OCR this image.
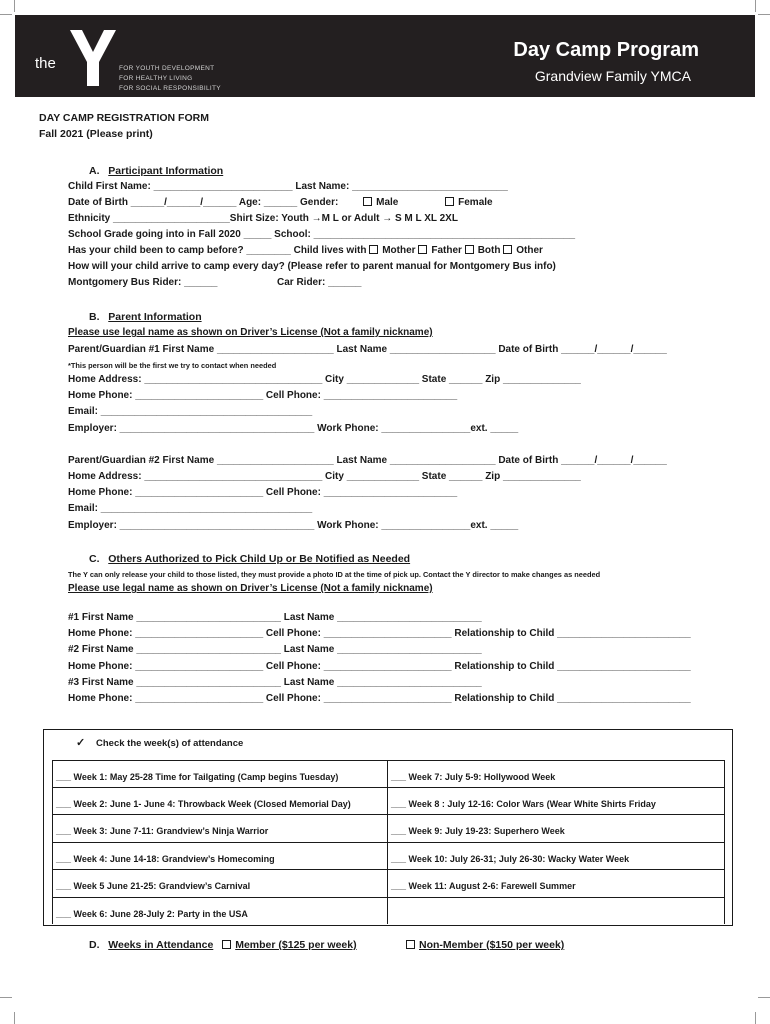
the	FOR YOUTH DEVELOPMENT
FOR HEALTHY LIVING
FOR SOCIAL RESPONSIBILITY
Day Camp Program
Grandview Family YMCA
DAY CAMP REGISTRATION FORM
Fall 2021 (Please print)
A. Participant Information
Child First Name: _________________________ Last Name: ____________________________
Date of Birth ______/______/______ Age: ______ Gender:	Male	Female
Ethnicity _____________________Shirt Size: Youth →M L or Adult → S M L XL 2XL
School Grade going into in Fall 2020 _____ School: _______________________________________________
Has your child been to camp before? ________ Child lives with Mother Father Both Other
How will your child arrive to camp every day? (Please refer to parent manual for Montgomery Bus info)
Montgomery Bus Rider: ______	Car Rider: ______
B. Parent Information
Please use legal name as shown on Driver’s License (Not a family nickname)
Parent/Guardian #1 First Name _____________________ Last Name ___________________ Date of Birth ______/______/______
*This person will be the first we try to contact when needed
Home Address: ________________________________ City _____________ State ______ Zip ______________
Home Phone: _______________________ Cell Phone: ________________________
Email: ______________________________________
Employer: ___________________________________ Work Phone: ________________ext. _____
Parent/Guardian #2 First Name _____________________ Last Name ___________________ Date of Birth ______/______/______
Home Address: ________________________________ City _____________ State ______ Zip ______________
Home Phone: _______________________ Cell Phone: ________________________
Email: ______________________________________
Employer: ___________________________________ Work Phone: ________________ext. _____
C. Others Authorized to Pick Child Up or Be Notified as Needed
The Y can only release your child to those listed, they must provide a photo ID at the time of pick up. Contact the Y director to make changes as needed
Please use legal name as shown on Driver’s License (Not a family nickname)
#1 First Name __________________________ Last Name __________________________
Home Phone: _______________________ Cell Phone: _______________________ Relationship to Child ________________________
#2 First Name __________________________ Last Name __________________________
Home Phone: _______________________ Cell Phone: _______________________ Relationship to Child ________________________
#3 First Name __________________________ Last Name __________________________
Home Phone: _______________________ Cell Phone: _______________________ Relationship to Child ________________________
✓ Check the week(s) of attendance
___ Week 1: May 25-28 Time for Tailgating (Camp begins Tuesday)
___ Week 2: June 1- June 4: Throwback Week (Closed Memorial Day)
___ Week 3: June 7-11: Grandview’s Ninja Warrior
___ Week 4: June 14-18: Grandview’s Homecoming
___ Week 5 June 21-25: Grandview’s Carnival
___ Week 6: June 28-July 2: Party in the USA
___ Week 7: July 5-9: Hollywood Week
___ Week 8 : July 12-16: Color Wars (Wear White Shirts Friday
___ Week 9: July 19-23: Superhero Week
___ Week 10: July 26-31; July 26-30: Wacky Water Week
___ Week 11: August 2-6: Farewell Summer
D. Weeks in Attendance Member ($125 per week)	Non-Member ($150 per week)
